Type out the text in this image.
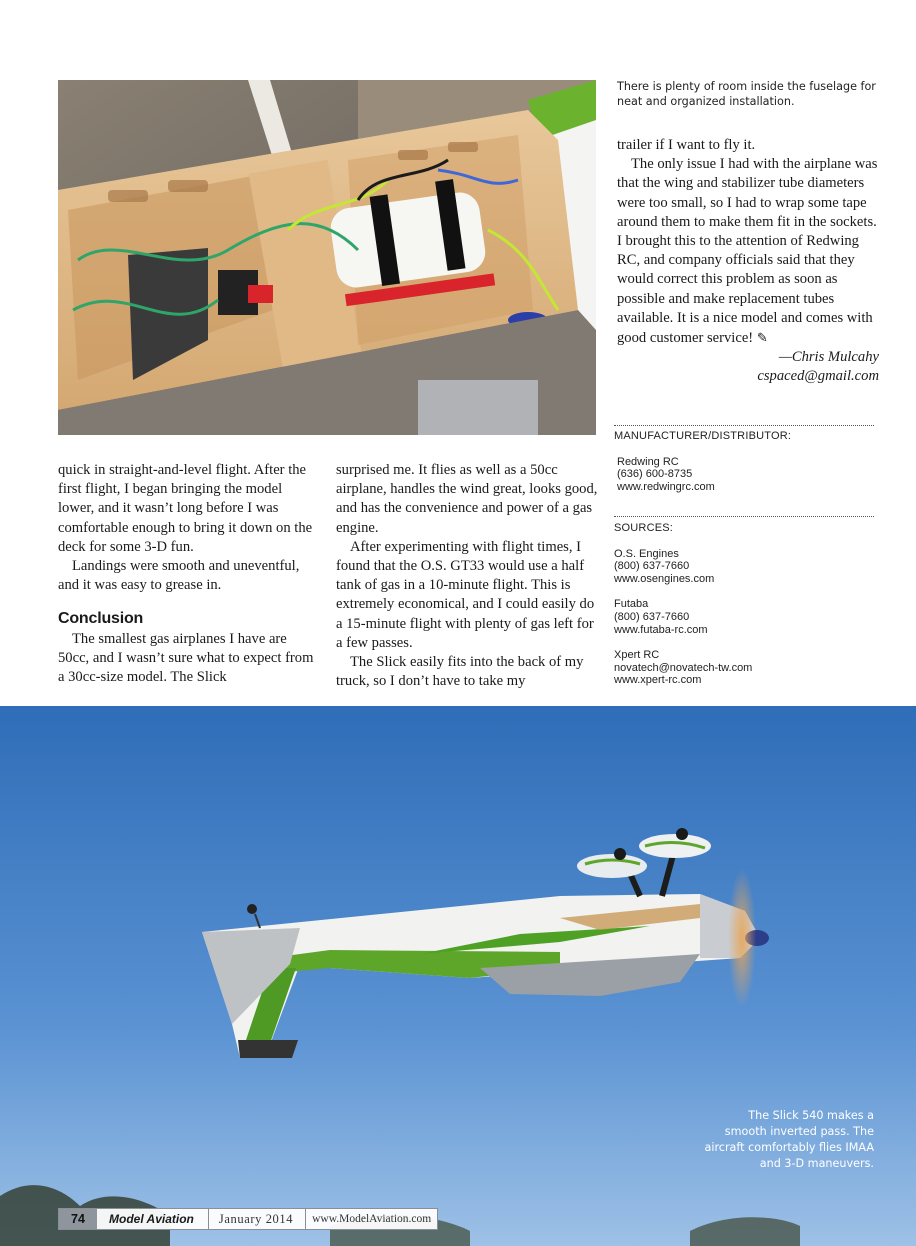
There is plenty of room inside the fuselage for neat and organized installation.

trailer if I want to fly it.

The only issue I had with the airplane was that the wing and stabilizer tube diameters were too small, so I had to wrap some tape around them to make them fit in the sockets. I brought this to the attention of Redwing RC, and company officials said that they would correct this problem as soon as possible and make replacement tubes available. It is a nice model and comes with good customer service! ✎

—Chris Mulcahy

cspaced@gmail.com

MANUFACTURER/DISTRIBUTOR:
Redwing RC
(636) 600-8735
www.redwingrc.com
SOURCES:
O.S. Engines
(800) 637-7660
www.osengines.com
Futaba
(800) 637-7660
www.futaba-rc.com
Xpert RC
novatech@novatech-tw.com
www.xpert-rc.com

quick in straight-and-level flight. After the first flight, I began bringing the model lower, and it wasn’t long before I was comfortable enough to bring it down on the deck for some 3-D fun.

Landings were smooth and uneventful, and it was easy to grease in.

Conclusion

The smallest gas airplanes I have are 50cc, and I wasn’t sure what to expect from a 30cc-size model. The Slick

surprised me. It flies as well as a 50cc airplane, handles the wind great, looks good, and has the convenience and power of a gas engine.

After experimenting with flight times, I found that the O.S. GT33 would use a half tank of gas in a 10-minute flight. This is extremely economical, and I could easily do a 15-minute flight with plenty of gas left for a few passes.

The Slick easily fits into the back of my truck, so I don’t have to take my

The Slick 540 makes a smooth inverted pass. The aircraft comfortably flies IMAA and 3-D maneuvers.
74	Model Aviation	January 2014	www.ModelAviation.com
